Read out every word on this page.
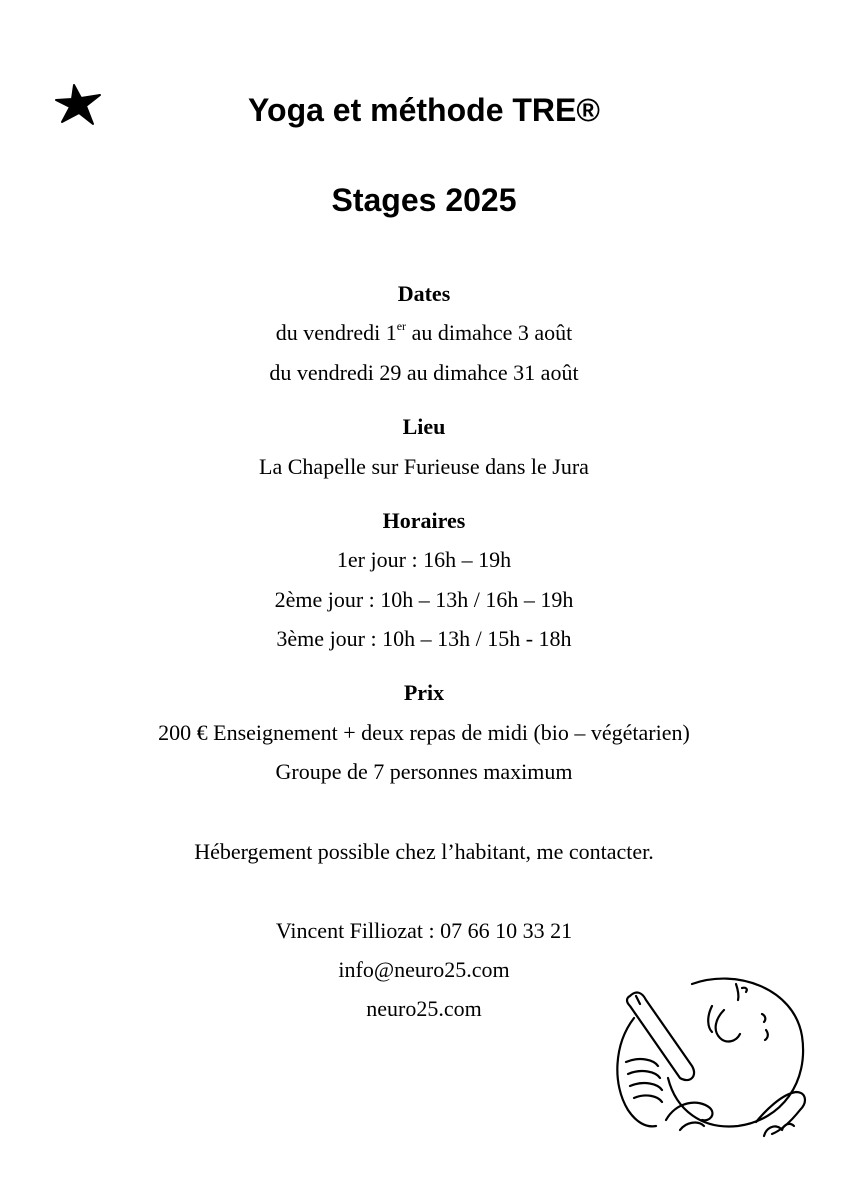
Yoga et méthode TRE®
Stages 2025

Dates

du vendredi 1er au dimahce 3 août

du vendredi 29 au dimahce 31 août

Lieu

La Chapelle sur Furieuse dans le Jura

Horaires

1er jour : 16h – 19h

2ème jour : 10h – 13h / 16h – 19h

3ème jour : 10h – 13h / 15h - 18h

Prix

200 € Enseignement + deux repas de midi (bio – végétarien)

Groupe de 7 personnes maximum

Hébergement possible chez l’habitant, me contacter.

Vincent Filliozat : 07 66 10 33 21

info@neuro25.com

neuro25.com
